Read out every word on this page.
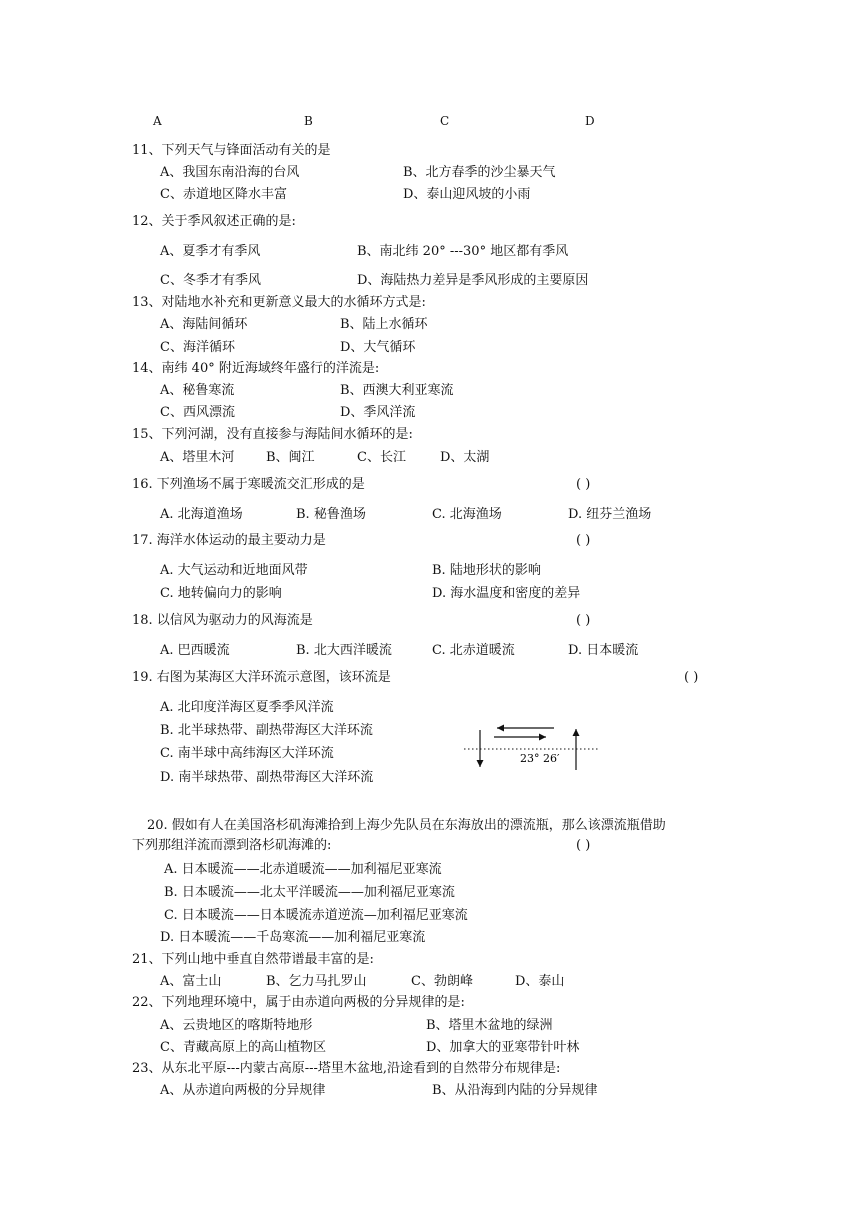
A	B	C	D
11、下列天气与锋面活动有关的是
A、我国东南沿海的台风	B、北方春季的沙尘暴天气
C、赤道地区降水丰富	D、泰山迎风坡的小雨
12、关于季风叙述正确的是:
A、夏季才有季风	B、南北纬 20° ---30° 地区都有季风
C、冬季才有季风	D、海陆热力差异是季风形成的主要原因
13、对陆地水补充和更新意义最大的水循环方式是:
A、海陆间循环	B、陆上水循环
C、海洋循环	D、大气循环
14、南纬 40° 附近海域终年盛行的洋流是:
A、秘鲁寒流	B、西澳大利亚寒流
C、西风漂流	D、季风洋流
15、下列河湖，没有直接参与海陆间水循环的是:
A、塔里木河 B、闽江	C、长江	D、太湖
16. 下列渔场不属于寒暖流交汇形成的是	( )
A. 北海道渔场	B. 秘鲁渔场	C. 北海渔场	D. 纽芬兰渔场
17. 海洋水体运动的最主要动力是	( )
A. 大气运动和近地面风带	B. 陆地形状的影响
C. 地转偏向力的影响	D. 海水温度和密度的差异
18. 以信风为驱动力的风海流是	( )
A. 巴西暖流	B. 北大西洋暖流	C. 北赤道暖流	D. 日本暖流
19. 右图为某海区大洋环流示意图，该环流是	( )
A. 北印度洋海区夏季季风洋流
B. 北半球热带、副热带海区大洋环流
C. 南半球中高纬海区大洋环流
D. 南半球热带、副热带海区大洋环流
23° 26′
20. 假如有人在美国洛杉矶海滩拾到上海少先队员在东海放出的漂流瓶，那么该漂流瓶借助
下列那组洋流而漂到洛杉矶海滩的:	( )
A. 日本暖流——北赤道暖流——加利福尼亚寒流
B. 日本暖流——北太平洋暖流——加利福尼亚寒流
C. 日本暖流——日本暖流赤道逆流—加利福尼亚寒流
D. 日本暖流——千岛寒流——加利福尼亚寒流
21、下列山地中垂直自然带谱最丰富的是:
A、富士山	B、乞力马扎罗山	C、勃朗峰	D、泰山
22、下列地理环境中，属于由赤道向两极的分异规律的是:
A、云贵地区的喀斯特地形	B、塔里木盆地的绿洲
C、青藏高原上的高山植物区	D、加拿大的亚寒带针叶林
23、从东北平原---内蒙古高原---塔里木盆地,沿途看到的自然带分布规律是:
A、从赤道向两极的分异规律	B、从沿海到内陆的分异规律
